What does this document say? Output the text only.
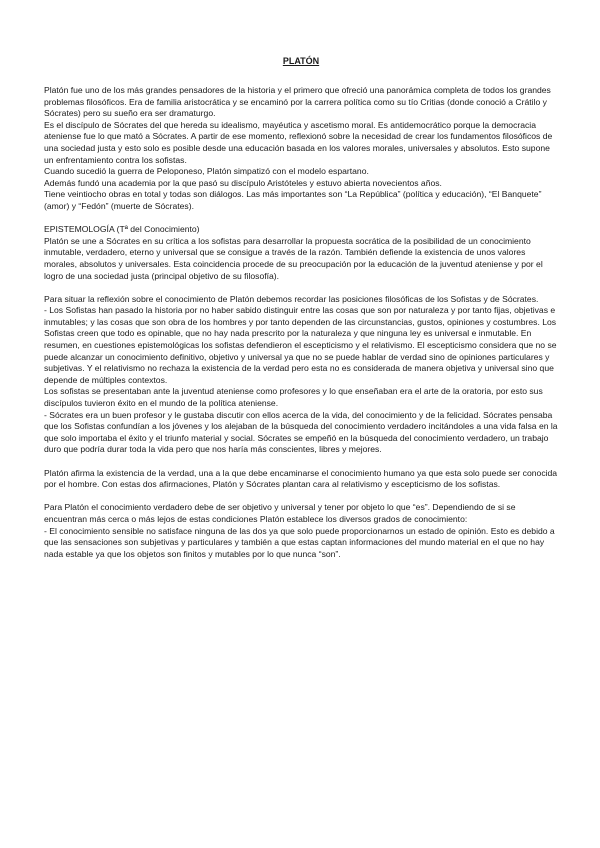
PLATÓN

Platón fue uno de los más grandes pensadores de la historia y el primero que ofreció una panorámica completa de todos los grandes problemas filosóficos. Era de familia aristocrática y se encaminó por la carrera política como su tío Critias (donde conoció a Crátilo y Sócrates) pero su sueño era ser dramaturgo.

Es el discípulo de Sócrates del que hereda su idealismo, mayéutica y ascetismo moral. Es antidemocrático porque la democracia ateniense fue lo que mató a Sócrates. A partir de ese momento, reflexionó sobre la necesidad de crear los fundamentos filosóficos de una sociedad justa y esto solo es posible desde una educación basada en los valores morales, universales y absolutos. Esto supone un enfrentamiento contra los sofistas.

Cuando sucedió la guerra de Peloponeso, Platón simpatizó con el modelo espartano.

Además fundó una academia por la que pasó su discípulo Aristóteles y estuvo abierta novecientos años.

Tiene veintiocho obras en total y todas son diálogos. Las más importantes son “La República” (política y educación), “El Banquete” (amor) y “Fedón” (muerte de Sócrates).

EPISTEMOLOGÍA (Tª del Conocimiento)

Platón se une a Sócrates en su crítica a los sofistas para desarrollar la propuesta socrática de la posibilidad de un conocimiento inmutable, verdadero, eterno y universal que se consigue a través de la razón. También defiende la existencia de unos valores morales, absolutos y universales. Esta coincidencia procede de su preocupación por la educación de la juventud ateniense y por el logro de una sociedad justa (principal objetivo de su filosofía).

Para situar la reflexión sobre el conocimiento de Platón debemos recordar las posiciones filosóficas de los Sofistas y de Sócrates.

- Los Sofistas han pasado la historia por no haber sabido distinguir entre las cosas que son por naturaleza y por tanto fijas, objetivas e inmutables; y las cosas que son obra de los hombres y por tanto dependen de las circunstancias, gustos, opiniones y costumbres. Los Sofistas creen que todo es opinable, que no hay nada prescrito por la naturaleza y que ninguna ley es universal e inmutable. En resumen, en cuestiones epistemológicas los sofistas defendieron el escepticismo y el relativismo. El escepticismo considera que no se puede alcanzar un conocimiento definitivo, objetivo y universal ya que no se puede hablar de verdad sino de opiniones particulares y subjetivas. Y el relativismo no rechaza la existencia de la verdad pero esta no es considerada de manera objetiva y universal sino que depende de múltiples contextos.

Los sofistas se presentaban ante la juventud ateniense como profesores y lo que enseñaban era el arte de la oratoria, por esto sus discípulos tuvieron éxito en el mundo de la política ateniense.

- Sócrates era un buen profesor y le gustaba discutir con ellos acerca de la vida, del conocimiento y de la felicidad. Sócrates pensaba que los Sofistas confundían a los jóvenes y los alejaban de la búsqueda del conocimiento verdadero incitándoles a una vida falsa en la que solo importaba el éxito y el triunfo material y social. Sócrates se empeñó en la búsqueda del conocimiento verdadero, un trabajo duro que podría durar toda la vida pero que nos haría más conscientes, libres y mejores.

Platón afirma la existencia de la verdad, una a la que debe encaminarse el conocimiento humano ya que esta solo puede ser conocida por el hombre. Con estas dos afirmaciones, Platón y Sócrates plantan cara al relativismo y escepticismo de los sofistas.

Para Platón el conocimiento verdadero debe de ser objetivo y universal y tener por objeto lo que “es”. Dependiendo de si se encuentran más cerca o más lejos de estas condiciones Platón establece los diversos grados de conocimiento:

- El conocimiento sensible no satisface ninguna de las dos ya que solo puede proporcionarnos un estado de opinión. Esto es debido a que las sensaciones son subjetivas y particulares y también a que estas captan informaciones del mundo material en el que no hay nada estable ya que los objetos son finitos y mutables por lo que nunca “son”.
